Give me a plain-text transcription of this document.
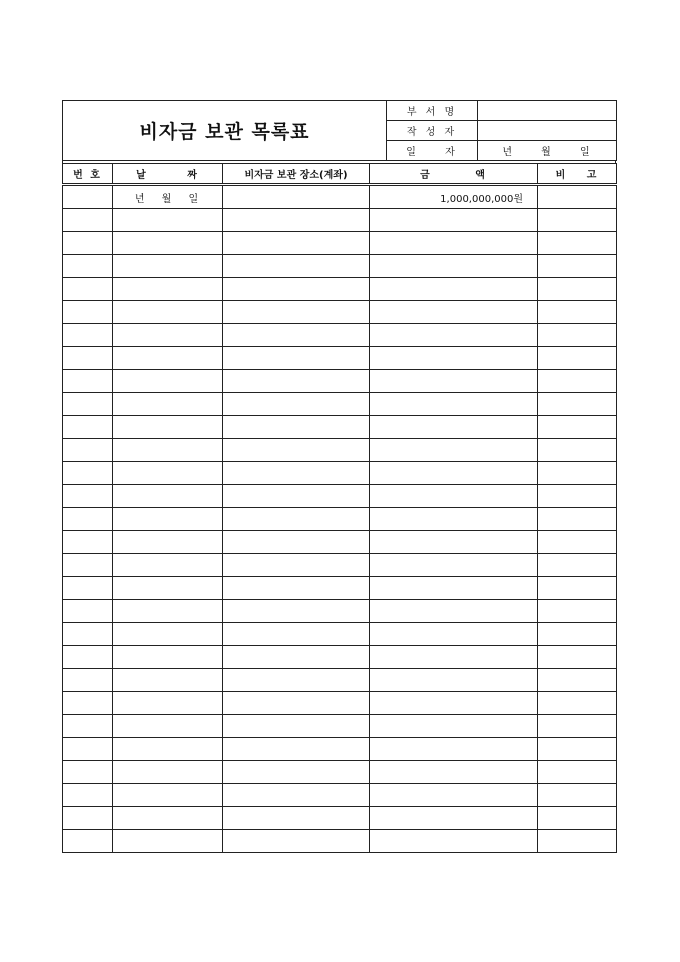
비자금 보관 목록표	부 서 명	
	작 성 자	
	일 자	년 월 일
번 호	날 짜	비자금 보관 장소(계좌)	금 액	비 고
	년 월 일		1,000,000,000원	
